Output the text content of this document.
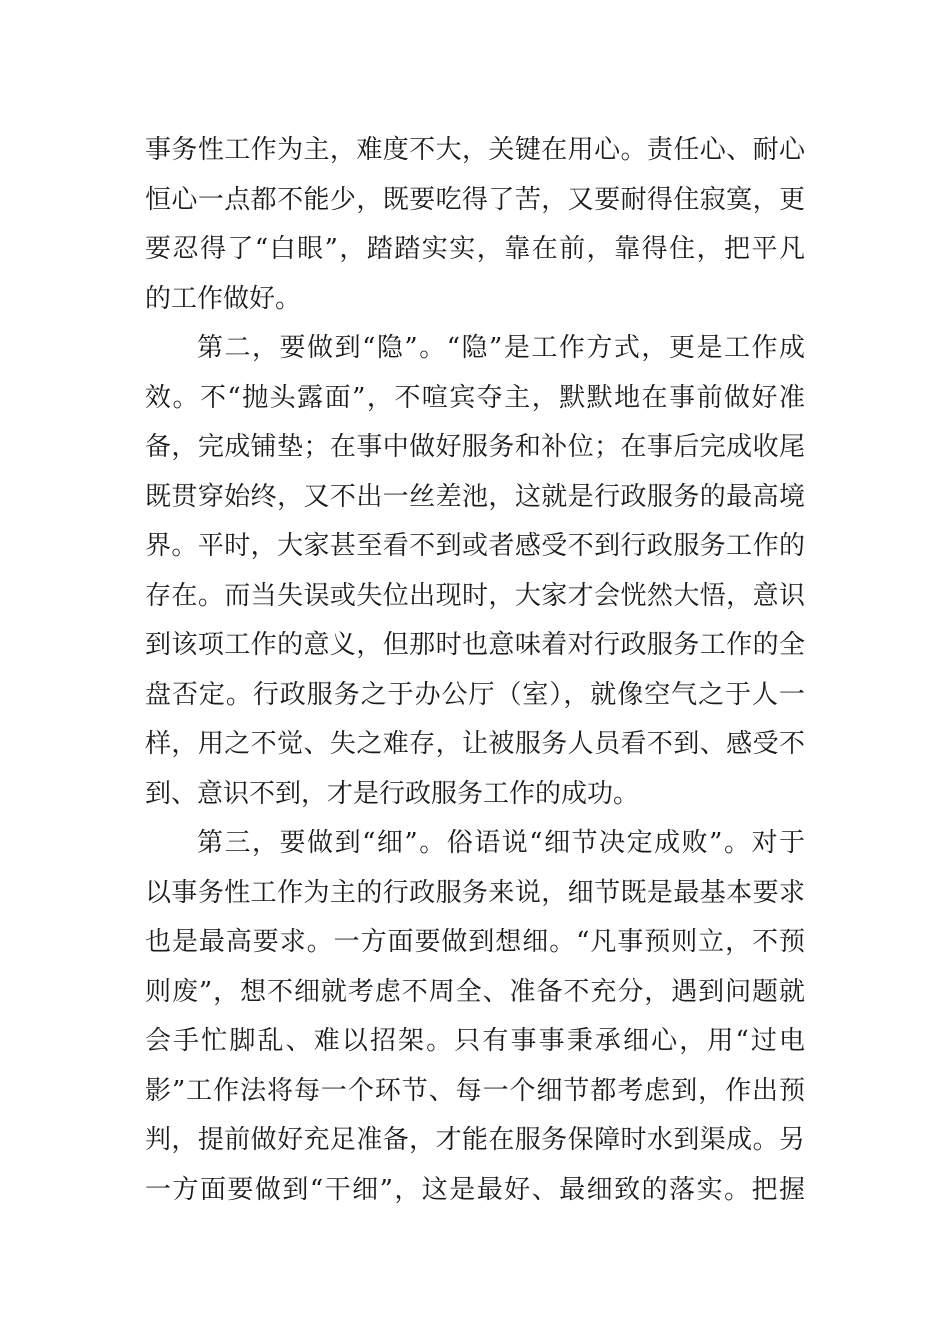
事务性工作为主，难度不大，关键在用心。责任心、耐心
恒心一点都不能少，既要吃得了苦，又要耐得住寂寞，更
要忍得了“白眼”，踏踏实实，靠在前，靠得住，把平凡
的工作做好。
第二，要做到“隐”。“隐”是工作方式，更是工作成
效。不“抛头露面”，不喧宾夺主，默默地在事前做好准
备，完成铺垫；在事中做好服务和补位；在事后完成收尾
既贯穿始终，又不出一丝差池，这就是行政服务的最高境
界。平时，大家甚至看不到或者感受不到行政服务工作的
存在。而当失误或失位出现时，大家才会恍然大悟，意识
到该项工作的意义，但那时也意味着对行政服务工作的全
盘否定。行政服务之于办公厅（室），就像空气之于人一
样，用之不觉、失之难存，让被服务人员看不到、感受不
到、意识不到，才是行政服务工作的成功。
第三，要做到“细”。俗语说“细节决定成败”。对于
以事务性工作为主的行政服务来说，细节既是最基本要求
也是最高要求。一方面要做到想细。“凡事预则立，不预
则废”，想不细就考虑不周全、准备不充分，遇到问题就
会手忙脚乱、难以招架。只有事事秉承细心，用“过电
影”工作法将每一个环节、每一个细节都考虑到，作出预
判，提前做好充足准备，才能在服务保障时水到渠成。另
一方面要做到“干细”，这是最好、最细致的落实。把握
